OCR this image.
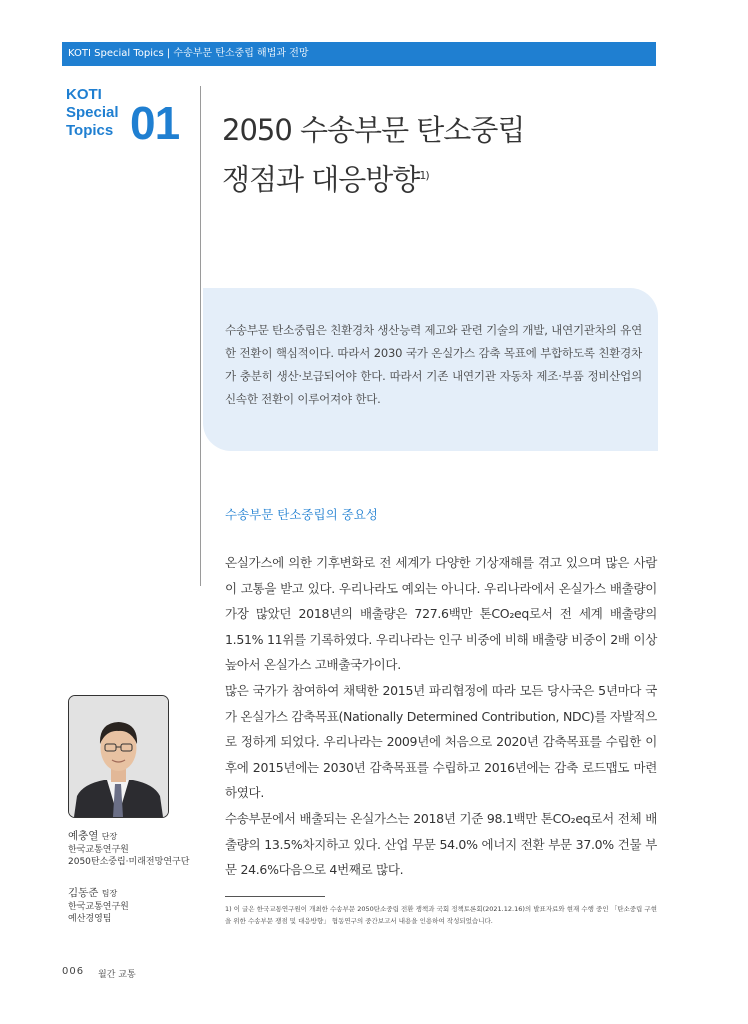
KOTI Special Topics | 수송부문 탄소중립 해법과 전망
KOTI
Special
Topics 01 2050 수송부문 탄소중립
쟁점과 대응방향$^{1)}$
수송부문 탄소중립은 친환경차 생산능력 제고와 관련 기술의 개발, 내연기관차의 유연한 전환이 핵심적이다. 따라서 2030 국가 온실가스 감축 목표에 부합하도록 친환경차가 충분히 생산·보급되어야 한다. 따라서 기존 내연기관 자동차 제조·부품 정비산업의 신속한 전환이 이루어져야 한다.
수송부문 탄소중립의 중요성

온실가스에 의한 기후변화로 전 세계가 다양한 기상재해를 겪고 있으며 많은 사람이 고통을 받고 있다. 우리나라도 예외는 아니다. 우리나라에서 온실가스 배출량이 가장 많았던 2018년의 배출량은 727.6백만 톤CO₂eq로서 전 세계 배출량의 1.51% 11위를 기록하였다. 우리나라는 인구 비중에 비해 배출량 비중이 2배 이상 높아서 온실가스 고배출국가이다.

많은 국가가 참여하여 채택한 2015년 파리협정에 따라 모든 당사국은 5년마다 국가 온실가스 감축목표(Nationally Determined Contribution, NDC)를 자발적으로 정하게 되었다. 우리나라는 2009년에 처음으로 2020년 감축목표를 수립한 이후에 2015년에는 2030년 감축목표를 수립하고 2016년에는 감축 로드맵도 마련하였다.

수송부문에서 배출되는 온실가스는 2018년 기준 98.1백만 톤CO₂eq로서 전체 배출량의 13.5%차지하고 있다. 산업 무문 54.0% 에너지 전환 부문 37.0% 건물 부문 24.6%다음으로 4번째로 많다.

예충열 단장
한국교통연구원
2050탄소중립·미래전망연구단
김동준 팀장
한국교통연구원
예산경영팀
1) 이 글은 한국교통연구원이 개최한 수송부문 2050탄소중립 전환 쟁책과 국회 정책토론회(2021.12.16)의 발표자료와 현재 수행 중인 「탄소중립 구현을 위한 수송부문 쟁점 및 대응방향」 협동연구의 중간보고서 내용을 인용하여 작성되었습니다.
006 월간 교통
